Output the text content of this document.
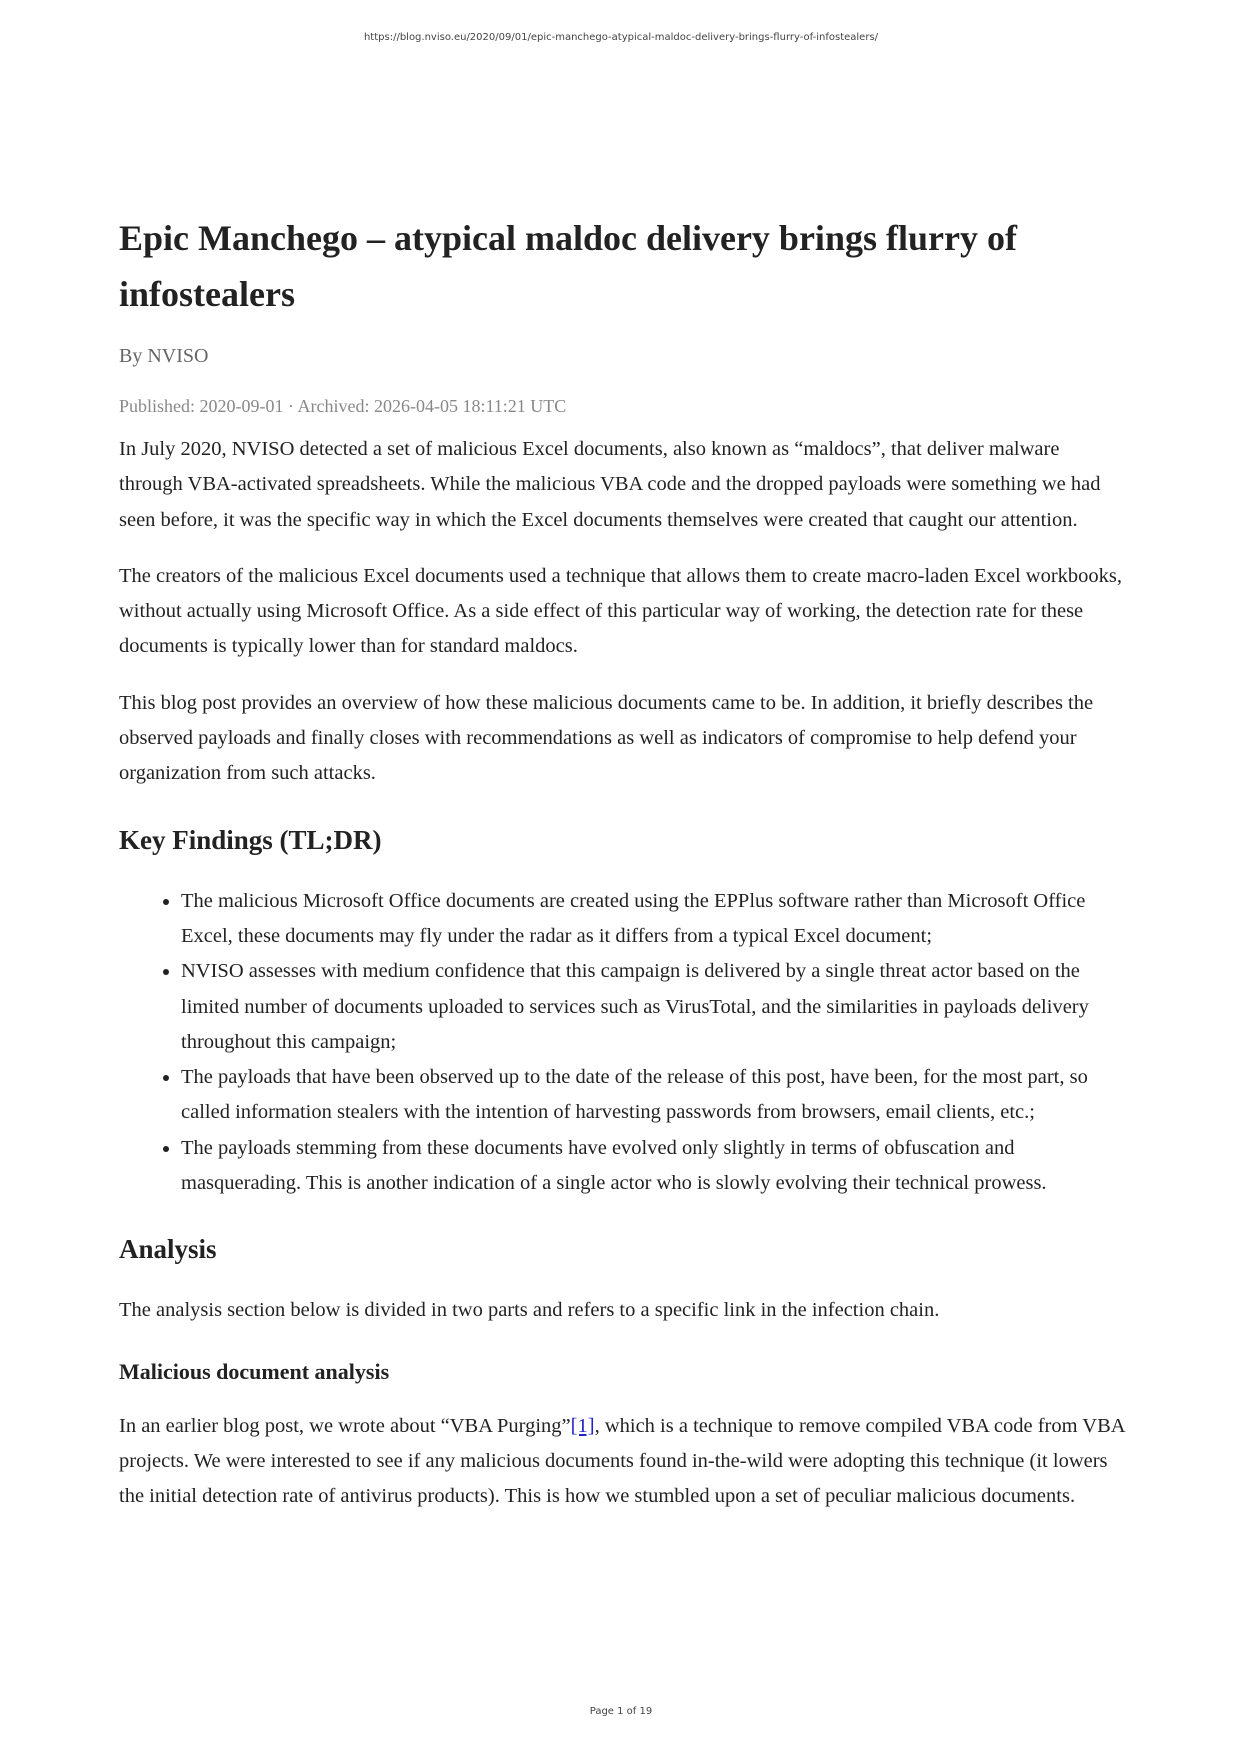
https://blog.nviso.eu/2020/09/01/epic-manchego-atypical-maldoc-delivery-brings-flurry-of-infostealers/
Epic Manchego – atypical maldoc delivery brings flurry of infostealers
By NVISO
Published: 2020-09-01 · Archived: 2026-04-05 18:11:21 UTC

In July 2020, NVISO detected a set of malicious Excel documents, also known as “maldocs”, that deliver malware through VBA-activated spreadsheets. While the malicious VBA code and the dropped payloads were something we had seen before, it was the specific way in which the Excel documents themselves were created that caught our attention.

The creators of the malicious Excel documents used a technique that allows them to create macro-laden Excel workbooks, without actually using Microsoft Office. As a side effect of this particular way of working, the detection rate for these documents is typically lower than for standard maldocs.

This blog post provides an overview of how these malicious documents came to be. In addition, it briefly describes the observed payloads and finally closes with recommendations as well as indicators of compromise to help defend your organization from such attacks.

Key Findings (TL;DR)
• The malicious Microsoft Office documents are created using the EPPlus software rather than Microsoft Office Excel, these documents may fly under the radar as it differs from a typical Excel document;
• NVISO assesses with medium confidence that this campaign is delivered by a single threat actor based on the limited number of documents uploaded to services such as VirusTotal, and the similarities in payloads delivery throughout this campaign;
• The payloads that have been observed up to the date of the release of this post, have been, for the most part, so called information stealers with the intention of harvesting passwords from browsers, email clients, etc.;
• The payloads stemming from these documents have evolved only slightly in terms of obfuscation and masquerading. This is another indication of a single actor who is slowly evolving their technical prowess.
Analysis

The analysis section below is divided in two parts and refers to a specific link in the infection chain.

Malicious document analysis

In an earlier blog post, we wrote about “VBA Purging”[1], which is a technique to remove compiled VBA code from VBA projects. We were interested to see if any malicious documents found in-the-wild were adopting this technique (it lowers the initial detection rate of antivirus products). This is how we stumbled upon a set of peculiar malicious documents.

Page 1 of 19
